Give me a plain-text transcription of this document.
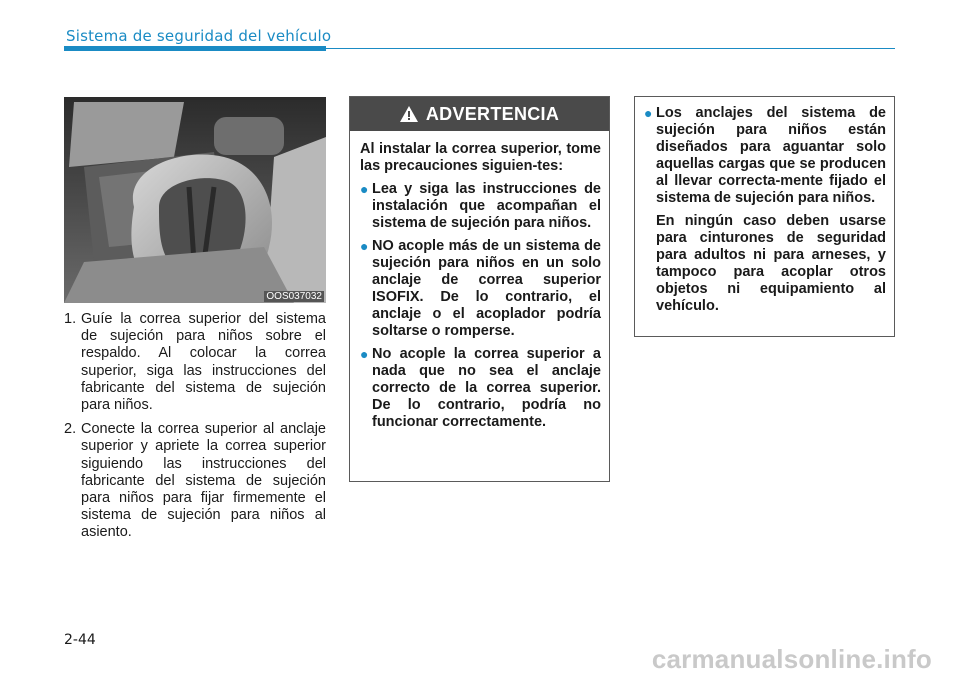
Sistema de seguridad del vehículo
OOS037032
1. Guíe la correa superior del sistema de sujeción para niños sobre el respaldo. Al colocar la correa superior, siga las instrucciones del fabricante del sistema de sujeción para niños.
2. Conecte la correa superior al anclaje superior y apriete la correa superior siguiendo las instrucciones del fabricante del sistema de sujeción para niños para fijar firmemente el sistema de sujeción para niños al asiento.
ADVERTENCIA
Al instalar la correa superior, tome las precauciones siguien-tes:
● Lea y siga las instrucciones de instalación que acompañan el sistema de sujeción para niños.
● NO acople más de un sistema de sujeción para niños en un solo anclaje de correa superior ISOFIX. De lo contrario, el anclaje o el acoplador podría soltarse o romperse.
● No acople la correa superior a nada que no sea el anclaje correcto de la correa superior. De lo contrario, podría no funcionar correctamente.
● Los anclajes del sistema de sujeción para niños están diseñados para aguantar solo aquellas cargas que se producen al llevar correcta-mente fijado el sistema de sujeción para niños.
En ningún caso deben usarse para cinturones de seguridad para adultos ni para arneses, y tampoco para acoplar otros objetos ni equipamiento al vehículo.
2-44
carmanualsonline.info
